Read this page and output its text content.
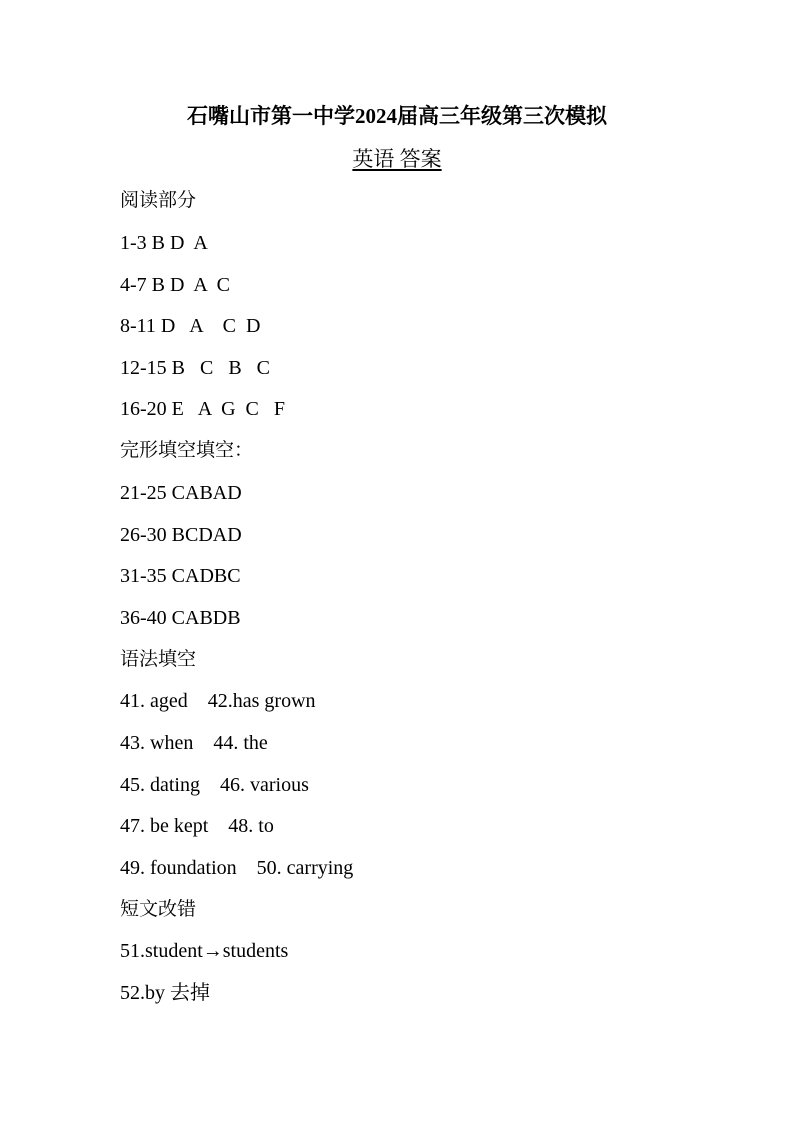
石嘴山市第一中学2024届高三年级第三次模拟
英语 答案
阅读部分
1-3 B D  A
4-7 B D  A  C
8-11 D   A    C  D
12-15 B   C   B   C
16-20 E   A  G  C   F
完形填空填空：
21-25 CABAD
26-30 BCDAD
31-35 CADBC
36-40 CABDB
语法填空
41. aged    42.has grown
43. when    44. the
45. dating    46. various
47. be kept    48. to
49. foundation    50. carrying
短文改错
51.student→students
52.by 去掉
